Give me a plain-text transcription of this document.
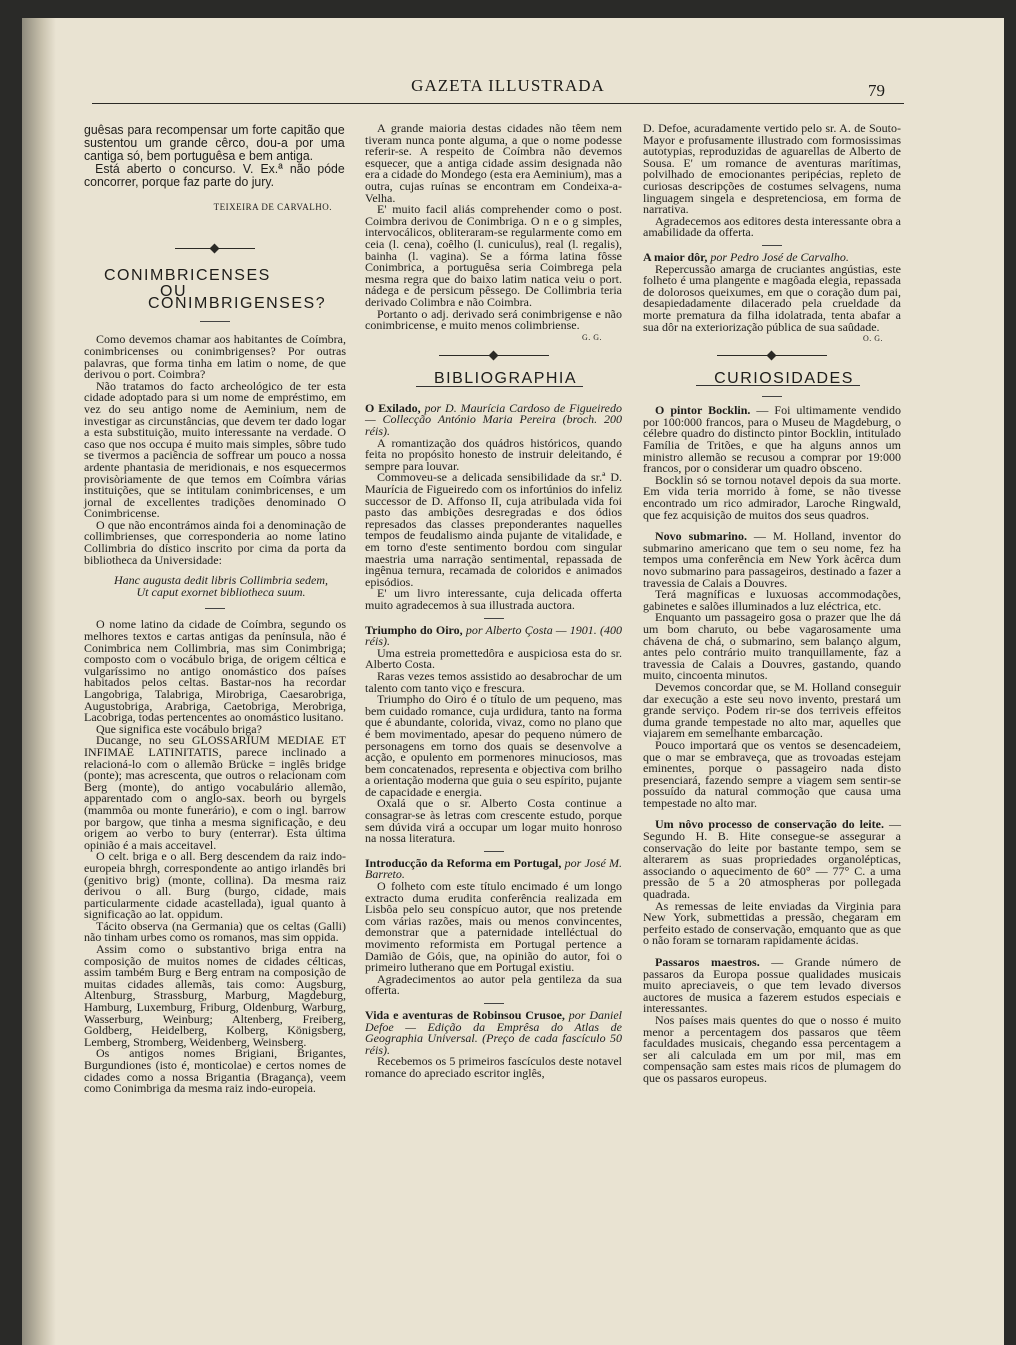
GAZETA ILLUSTRADA	79

guêsas para recompensar um forte capitão que sustentou um grande cêrco, dou-a por uma cantiga só, bem portuguêsa e bem antiga.

Está aberto o concurso. V. Ex.ª não póde concorrer, porque faz parte do jury.

TEIXEIRA DE CARVALHO.

CONIMBRICENSES

OU CONIMBRIGENSES?

Como devemos chamar aos habitantes de Coímbra, conimbricenses ou conimbrigenses? Por outras palavras, que forma tinha em latim o nome, de que derivou o port. Coimbra?

Não tratamos do facto archeológico de ter esta cidade adoptado para si um nome de empréstimo, em vez do seu antigo nome de Aeminium, nem de investigar as circunstâncias, que devem ter dado logar a esta substituição, muito interessante na verdade. O caso que nos occupa é muito mais simples, sôbre tudo se tivermos a paciência de soffrear um pouco a nossa ardente phantasia de meridionais, e nos esquecermos provisòriamente de que temos em Coímbra várias instituições, que se intitulam conimbricenses, e um jornal de excellentes tradições denominado O Conimbricense.

O que não encontrámos ainda foi a denominação de collimbrienses, que corresponderia ao nome latino Collimbria do dístico inscrito por cima da porta da bibliotheca da Universidade:

Hanc augusta dedit libris Collimbria sedem,

Ut caput exornet bibliotheca suum.

O nome latino da cidade de Coímbra, segundo os melhores textos e cartas antigas da península, não é Conimbrica nem Collimbria, mas sim Conimbriga; composto com o vocábulo briga, de origem céltica e vulgaríssimo no antigo onomástico dos países habitados pelos celtas. Bastar-nos ha recordar Langobriga, Talabriga, Mirobriga, Caesarobriga, Augustobriga, Arabriga, Caetobriga, Merobriga, Lacobriga, todas pertencentes ao onomástico lusitano.

Que significa este vocábulo briga?

Ducange, no seu GLOSSARIUM MEDIAE ET INFIMAE LATINITATIS, parece inclinado a relacioná-lo com o allemão Brücke = inglês bridge (ponte); mas acrescenta, que outros o relacionam com Berg (monte), do antigo vocabulário allemão, apparentado com o anglo-sax. beorh ou byrgels (mammôa ou monte funerário), e com o ingl. barrow por bargow, que tinha a mesma significação, e deu origem ao verbo to bury (enterrar). Esta última opinião é a mais acceitavel.

O celt. briga e o all. Berg descendem da raiz indo-europeia bhrgh, correspondente ao antigo irlandês bri (genitivo brig) (monte, collina). Da mesma raiz derivou o all. Burg (burgo, cidade, mais particularmente cidade acastellada), igual quanto à significação ao lat. oppidum.

Tácito observa (na Germania) que os celtas (Galli) não tinham urbes como os romanos, mas sim oppida.

Assim como o substantivo briga entra na composição de muitos nomes de cidades célticas, assim também Burg e Berg entram na composição de muitas cidades allemãs, tais como: Augsburg, Altenburg, Strassburg, Marburg, Magdeburg, Hamburg, Luxemburg, Friburg, Oldenburg, Warburg, Wasserburg, Weinburg; Altenberg, Freiberg, Goldberg, Heidelberg, Kolberg, Königsberg, Lemberg, Stromberg, Weidenberg, Weinsberg.

Os antigos nomes Brigiani, Brigantes, Burgundiones (isto é, monticolae) e certos nomes de cidades como a nossa Brigantia (Bragança), veem como Conimbriga da mesma raiz indo-europeia.

A grande maioria destas cidades não têem nem tiveram nunca ponte alguma, a que o nome podesse referir-se. A respeito de Coímbra não devemos esquecer, que a antiga cidade assim designada não era a cidade do Mondego (esta era Aeminium), mas a outra, cujas ruínas se encontram em Condeixa-a-Velha.

E' muito facil aliás comprehender como o post. Coimbra derivou de Conimbriga. O n e o g simples, intervocálicos, obliteraram-se regularmente como em ceia (l. cena), coêlho (l. cuniculus), real (l. regalis), bainha (l. vagina). Se a fórma latina fôsse Conimbrica, a portuguêsa seria Coimbrega pela mesma regra que do baixo latim natica veiu o port. nádega e de persicum pêssego. De Collimbria teria derivado Colimbra e não Coimbra.

Portanto o adj. derivado será conimbrigense e não conimbricense, e muito menos colimbriense.

G. G.

BIBLIOGRAPHIA

O Exilado, por D. Maurícia Cardoso de Figueiredo — Collecção António Maria Pereira (broch. 200 réis).

A romantização dos quádros históricos, quando feita no propósito honesto de instruir deleitando, é sempre para louvar.

Commoveu-se a delicada sensibilidade da sr.ª D. Maurícia de Figueiredo com os infortúnios do infeliz successor de D. Affonso II, cuja atribulada vida foi pasto das ambições desregradas e dos ódios represados das classes preponderantes naquelles tempos de feudalismo ainda pujante de vitalidade, e em torno d'este sentimento bordou com singular maestria uma narração sentimental, repassada de ingênua ternura, recamada de coloridos e animados episódios.

E' um livro interessante, cuja delicada offerta muito agradecemos à sua illustrada auctora.

Triumpho do Oiro, por Alberto Çosta — 1901. (400 réis).

Uma estreia promettedôra e auspiciosa esta do sr. Alberto Costa.

Raras vezes temos assistido ao desabrochar de um talento com tanto viço e frescura.

Triumpho do Oiro é o título de um pequeno, mas bem cuidado romance, cuja urdidura, tanto na forma que é abundante, colorida, vivaz, como no plano que é bem movimentado, apesar do pequeno número de personagens em torno dos quais se desenvolve a acção, e opulento em pormenores minuciosos, mas bem concatenados, representa e objectiva com brilho a orientação moderna que guia o seu espírito, pujante de capacidade e energia.

Oxalá que o sr. Alberto Costa continue a consagrar-se às letras com crescente estudo, porque sem dúvida virá a occupar um logar muito honroso na nossa literatura.

Introducção da Reforma em Portugal, por José M. Barreto.

O folheto com este título encimado é um longo extracto duma erudita conferência realizada em Lisbôa pelo seu conspícuo autor, que nos pretende com várias razões, mais ou menos convincentes, demonstrar que a paternidade intelléctual do movimento reformista em Portugal pertence a Damião de Góis, que, na opinião do autor, foi o primeiro lutherano que em Portugal existiu.

Agradecimentos ao autor pela gentileza da sua offerta.

Vida e aventuras de Robinsou Crusoe, por Daniel Defoe — Edição da Emprêsa do Atlas de Geographia Universal. (Preço de cada fascículo 50 réis).

Recebemos os 5 primeiros fascículos deste notavel romance do apreciado escritor inglês,

D. Defoe, acuradamente vertido pelo sr. A. de Souto-Mayor e profusamente illustrado com formosissimas autotypias, reproduzidas de aguarellas de Alberto de Sousa. E' um romance de aventuras marítimas, polvilhado de emocionantes peripécias, repleto de curiosas descripções de costumes selvagens, numa linguagem singela e despretenciosa, em forma de narrativa.

Agradecemos aos editores desta interessante obra a amabilidade da offerta.

A maior dôr, por Pedro José de Carvalho.

Repercussão amarga de cruciantes angústias, este folheto é uma plangente e magôada elegia, repassada de dolorosos queixumes, em que o coração dum pai, desapiedadamente dilacerado pela crueldade da morte prematura da filha idolatrada, tenta abafar a sua dôr na exteriorização pública de sua saûdade.

O. G.

CURIOSIDADES

O pintor Bocklin. — Foi ultimamente vendido por 100:000 francos, para o Museu de Magdeburg, o célebre quadro do distincto pintor Bocklin, intitulado Família de Tritões, e que ha alguns annos um ministro allemão se recusou a comprar por 19:000 francos, por o considerar um quadro obsceno.

Bocklin só se tornou notavel depois da sua morte. Em vida teria morrido à fome, se não tivesse encontrado um rico admirador, Laroche Ringwald, que fez acquisição de muitos dos seus quadros.

Novo submarino. — M. Holland, inventor do submarino americano que tem o seu nome, fez ha tempos uma conferência em New York àcêrca dum novo submarino para passageiros, destinado a fazer a travessia de Calais a Douvres.

Terá magníficas e luxuosas accommodações, gabinetes e salões illuminados a luz eléctrica, etc.

Enquanto um passageiro gosa o prazer que lhe dá um bom charuto, ou bebe vagarosamente uma chávena de chá, o submarino, sem balanço algum, antes pelo contrário muito tranquillamente, faz a travessia de Calais a Douvres, gastando, quando muito, cincoenta minutos.

Devemos concordar que, se M. Holland conseguir dar execução a este seu novo invento, prestará um grande serviço. Podem rir-se dos terriveis effeitos duma grande tempestade no alto mar, aquelles que viajarem em semelhante embarcação.

Pouco importará que os ventos se desencadeiem, que o mar se embraveça, que as trovoadas estejam eminentes, porque o passageiro nada disto presenciará, fazendo sempre a viagem sem sentir-se possuído da natural commoção que causa uma tempestade no alto mar.

Um nôvo processo de conservação do leite. — Segundo H. B. Hite consegue-se assegurar a conservação do leite por bastante tempo, sem se alterarem as suas propriedades organolépticas, associando o aquecimento de 60° — 77° C. a uma pressão de 5 a 20 atmospheras por pollegada quadrada.

As remessas de leite enviadas da Virginia para New York, submettidas a pressão, chegaram em perfeito estado de conservação, emquanto que as que o não foram se tornaram rapidamente ácidas.

Passaros maestros. — Grande número de passaros da Europa possue qualidades musicais muito apreciaveis, o que tem levado diversos auctores de musica a fazerem estudos especiais e interessantes.

Nos países mais quentes do que o nosso é muito menor a percentagem dos passaros que têem faculdades musicais, chegando essa percentagem a ser ali calculada em um por mil, mas em compensação sam estes mais ricos de plumagem do que os passaros europeus.
